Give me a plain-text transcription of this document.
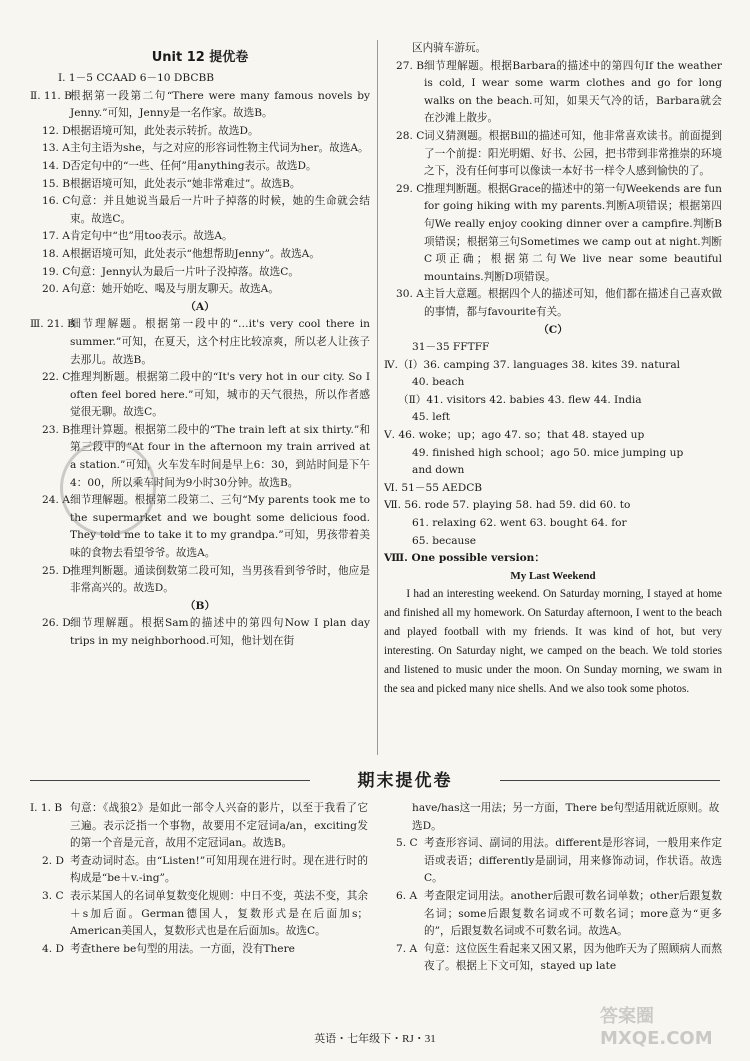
Unit 12 提优卷
Ⅰ. 1－5 CCAAD 6－10 DBCBB
Ⅱ. 11. B
根据第一段第二句“There were many famous novels by Jenny.”可知，Jenny是一名作家。故选B。
12. D 根据语境可知，此处表示转折。故选D。
13. A 主句主语为she，与之对应的形容词性物主代词为her。故选A。
14. D 否定句中的“一些、任何”用anything表示。故选D。
15. B 根据语境可知，此处表示“她非常难过”。故选B。
16. C 句意：并且她说当最后一片叶子掉落的时候，她的生命就会结束。故选C。
17. A 肯定句中“也”用too表示。故选A。
18. A 根据语境可知，此处表示“他想帮助Jenny”。故选A。
19. C 句意：Jenny认为最后一片叶子没掉落。故选C。
20. A 句意：她开始吃、喝及与朋友聊天。故选A。
（A）
Ⅲ. 21. B
细节理解题。根据第一段中的“…it's very cool there in summer.”可知，在夏天，这个村庄比较凉爽，所以老人让孩子去那儿。故选B。
22. C 推理判断题。根据第二段中的“It's very hot in our city. So I often feel bored here.”可知，城市的天气很热，所以作者感觉很无聊。故选C。
23. B 推理计算题。根据第二段中的“The train left at six thirty.”和第三段中的“At four in the afternoon my train arrived at a station.”可知，火车发车时间是早上6：30，到站时间是下午4：00，所以乘车时间为9小时30分钟。故选B。
24. A 细节理解题。根据第二段第二、三句“My parents took me to the supermarket and we bought some delicious food. They told me to take it to my grandpa.”可知，男孩带着美味的食物去看望爷爷。故选A。
25. D 推理判断题。通读倒数第二段可知，当男孩看到爷爷时，他应是非常高兴的。故选D。
（B）
26. D 细节理解题。根据Sam的描述中的第四句Now I plan day trips in my neighborhood.可知，他计划在街
区内骑车游玩。
27. B 细节理解题。根据Barbara的描述中的第四句If the weather is cold, I wear some warm clothes and go for long walks on the beach.可知，如果天气冷的话，Barbara就会在沙滩上散步。
28. C 词义猜测题。根据Bill的描述可知，他非常喜欢读书。前面提到了一个前提：阳光明媚、好书、公园，把书带到非常推崇的环境之下，没有任何事可以像读一本好书一样令人感到愉快的了。
29. C 推理判断题。根据Grace的描述中的第一句Weekends are fun for going hiking with my parents.判断A项错误；根据第四句We really enjoy cooking dinner over a campfire.判断B项错误；根据第三句Sometimes we camp out at night.判断C项正确；根据第二句We live near some beautiful mountains.判断D项错误。
30. A 主旨大意题。根据四个人的描述可知，他们都在描述自己喜欢做的事情，都与favourite有关。
（C）
31－35 FFTFF
Ⅳ.（Ⅰ）36. camping 37. languages 38. kites 39. natural
40. beach
（Ⅱ）41. visitors 42. babies 43. flew 44. India
45. left
Ⅴ. 46. woke；up；ago 47. so；that 48. stayed up
49. finished high school；ago 50. mice jumping up
and down
Ⅵ. 51－55 AEDCB
Ⅶ. 56. rode 57. playing 58. had 59. did 60. to
61. relaxing 62. went 63. bought 64. for
65. because
Ⅷ. One possible version：
My Last Weekend
I had an interesting weekend. On Saturday morning, I stayed at home and finished all my homework. On Saturday afternoon, I went to the beach and played football with my friends. It was kind of hot, but very interesting. On Saturday night, we camped on the beach. We told stories and listened to music under the moon. On Sunday morning, we swam in the sea and picked many nice shells. And we also took some photos.
期末提优卷
Ⅰ. 1. B 句意：《战狼2》是如此一部令人兴奋的影片，以至于我看了它三遍。表示泛指一个事物，故要用不定冠词a/an，exciting发的第一个音是元音，故用不定冠词an。故选B。
2. D 考查动词时态。由“Listen!”可知用现在进行时。现在进行时的构成是“be＋v.-ing”。
3. C 表示某国人的名词单复数变化规则：中日不变，英法不变，其余＋s加后面。German德国人，复数形式是在后面加s；American美国人，复数形式也是在后面加s。故选C。
4. D 考查there be句型的用法。一方面，没有There
have/has这一用法；另一方面，There be句型适用就近原则。故选D。
5. C 考查形容词、副词的用法。different是形容词，一般用来作定语或表语；differently是副词，用来修饰动词，作状语。故选C。
6. A 考查限定词用法。another后跟可数名词单数；other后跟复数名词；some后跟复数名词或不可数名词；more意为“更多的”，后跟复数名词或不可数名词。故选A。
7. A 句意：这位医生看起来又困又累，因为他昨天为了照顾病人而熬夜了。根据上下文可知，stayed up late
英语・七年级下・RJ・31
答案圈 MXQE.COM
